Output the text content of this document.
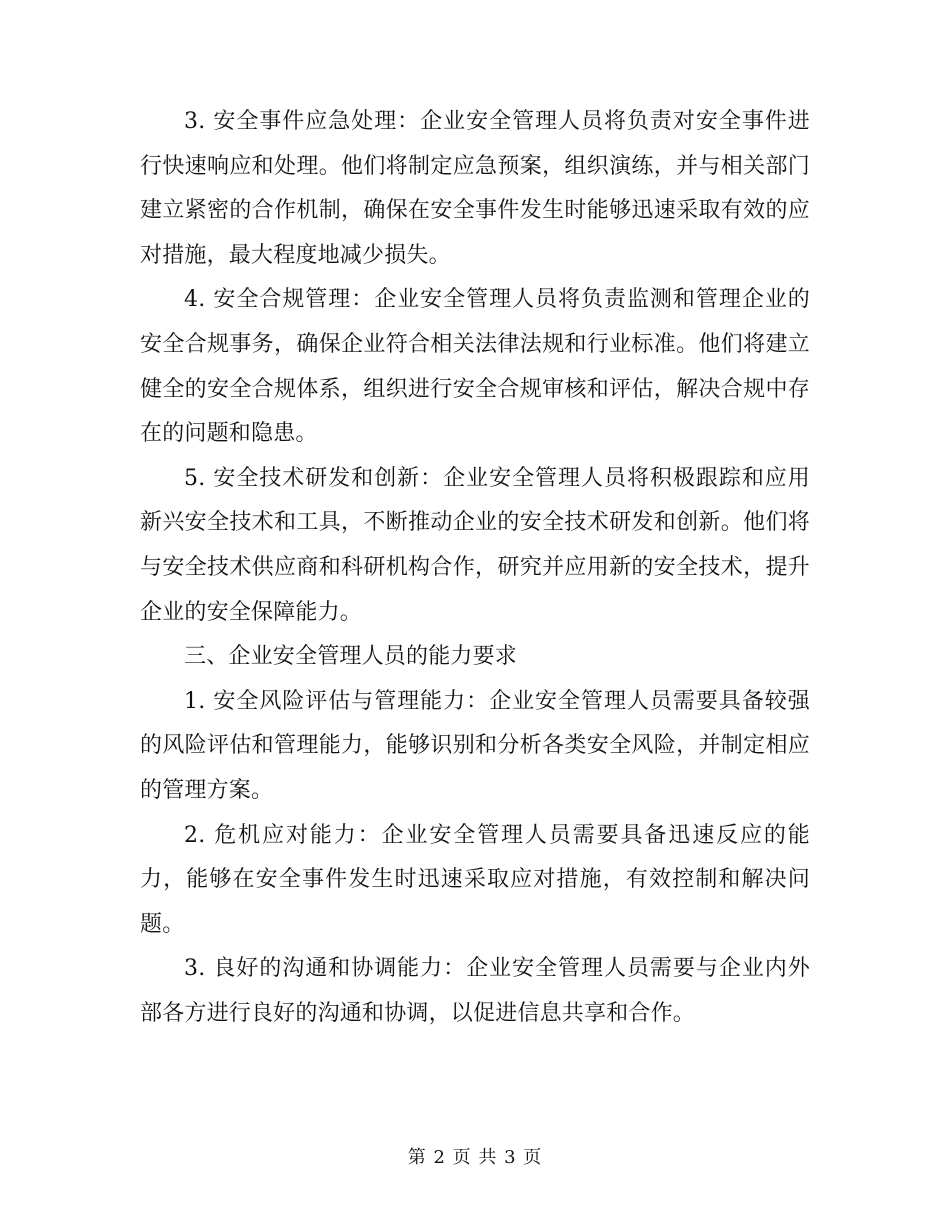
3. 安全事件应急处理：企业安全管理人员将负责对安全事件进行快速响应和处理。他们将制定应急预案，组织演练，并与相关部门建立紧密的合作机制，确保在安全事件发生时能够迅速采取有效的应对措施，最大程度地减少损失。

4. 安全合规管理：企业安全管理人员将负责监测和管理企业的安全合规事务，确保企业符合相关法律法规和行业标准。他们将建立健全的安全合规体系，组织进行安全合规审核和评估，解决合规中存在的问题和隐患。

5. 安全技术研发和创新：企业安全管理人员将积极跟踪和应用新兴安全技术和工具，不断推动企业的安全技术研发和创新。他们将与安全技术供应商和科研机构合作，研究并应用新的安全技术，提升企业的安全保障能力。

三、企业安全管理人员的能力要求

1. 安全风险评估与管理能力：企业安全管理人员需要具备较强的风险评估和管理能力，能够识别和分析各类安全风险，并制定相应的管理方案。

2. 危机应对能力：企业安全管理人员需要具备迅速反应的能力，能够在安全事件发生时迅速采取应对措施，有效控制和解决问题。

3. 良好的沟通和协调能力：企业安全管理人员需要与企业内外部各方进行良好的沟通和协调，以促进信息共享和合作。

第 2 页 共 3 页
